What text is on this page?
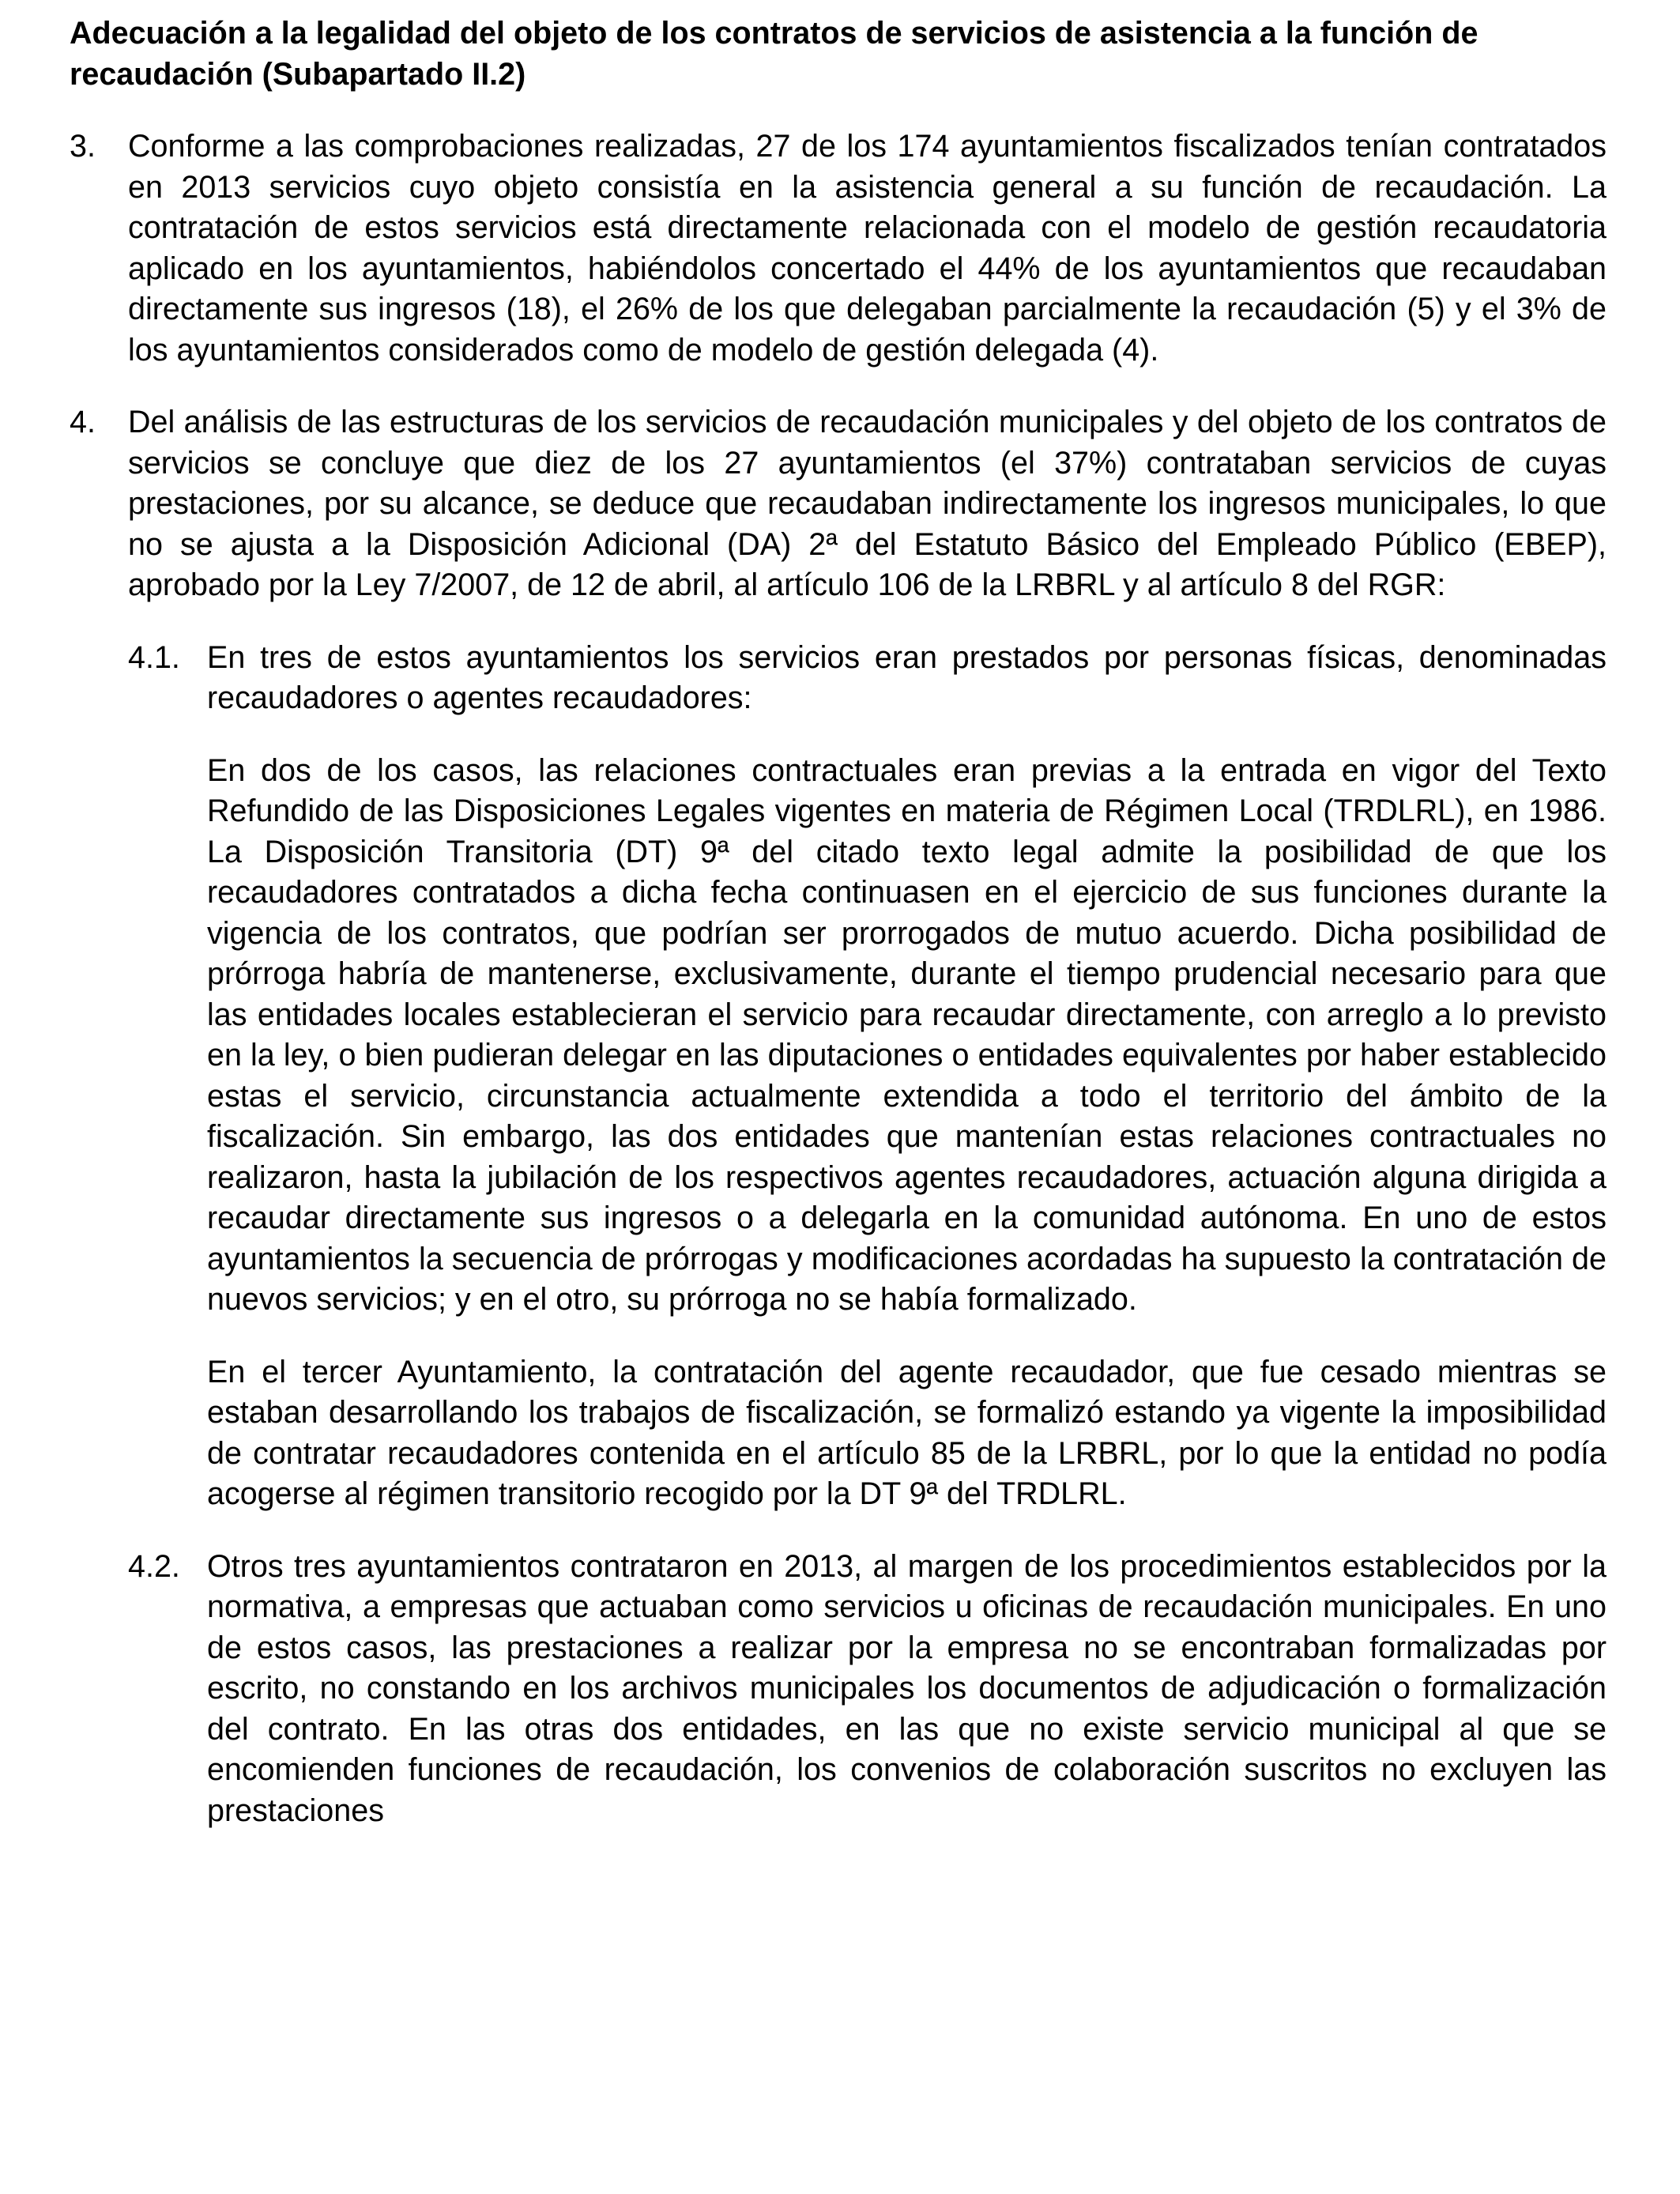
Adecuación a la legalidad del objeto de los contratos de servicios de asistencia a la función de recaudación (Subapartado II.2)
3. Conforme a las comprobaciones realizadas, 27 de los 174 ayuntamientos fiscalizados tenían contratados en 2013 servicios cuyo objeto consistía en la asistencia general a su función de recaudación. La contratación de estos servicios está directamente relacionada con el modelo de gestión recaudatoria aplicado en los ayuntamientos, habiéndolos concertado el 44% de los ayuntamientos que recaudaban directamente sus ingresos (18), el 26% de los que delegaban parcialmente la recaudación (5) y el 3% de los ayuntamientos considerados como de modelo de gestión delegada (4).

4. Del análisis de las estructuras de los servicios de recaudación municipales y del objeto de los contratos de servicios se concluye que diez de los 27 ayuntamientos (el 37%) contrataban servicios de cuyas prestaciones, por su alcance, se deduce que recaudaban indirectamente los ingresos municipales, lo que no se ajusta a la Disposición Adicional (DA) 2ª del Estatuto Básico del Empleado Público (EBEP), aprobado por la Ley 7/2007, de 12 de abril, al artículo 106 de la LRBRL y al artículo 8 del RGR:

4.1. En tres de estos ayuntamientos los servicios eran prestados por personas físicas, denominadas recaudadores o agentes recaudadores:

En dos de los casos, las relaciones contractuales eran previas a la entrada en vigor del Texto Refundido de las Disposiciones Legales vigentes en materia de Régimen Local (TRDLRL), en 1986. La Disposición Transitoria (DT) 9ª del citado texto legal admite la posibilidad de que los recaudadores contratados a dicha fecha continuasen en el ejercicio de sus funciones durante la vigencia de los contratos, que podrían ser prorrogados de mutuo acuerdo. Dicha posibilidad de prórroga habría de mantenerse, exclusivamente, durante el tiempo prudencial necesario para que las entidades locales establecieran el servicio para recaudar directamente, con arreglo a lo previsto en la ley, o bien pudieran delegar en las diputaciones o entidades equivalentes por haber establecido estas el servicio, circunstancia actualmente extendida a todo el territorio del ámbito de la fiscalización. Sin embargo, las dos entidades que mantenían estas relaciones contractuales no realizaron, hasta la jubilación de los respectivos agentes recaudadores, actuación alguna dirigida a recaudar directamente sus ingresos o a delegarla en la comunidad autónoma. En uno de estos ayuntamientos la secuencia de prórrogas y modificaciones acordadas ha supuesto la contratación de nuevos servicios; y en el otro, su prórroga no se había formalizado.

En el tercer Ayuntamiento, la contratación del agente recaudador, que fue cesado mientras se estaban desarrollando los trabajos de fiscalización, se formalizó estando ya vigente la imposibilidad de contratar recaudadores contenida en el artículo 85 de la LRBRL, por lo que la entidad no podía acogerse al régimen transitorio recogido por la DT 9ª del TRDLRL.

4.2. Otros tres ayuntamientos contrataron en 2013, al margen de los procedimientos establecidos por la normativa, a empresas que actuaban como servicios u oficinas de recaudación municipales. En uno de estos casos, las prestaciones a realizar por la empresa no se encontraban formalizadas por escrito, no constando en los archivos municipales los documentos de adjudicación o formalización del contrato. En las otras dos entidades, en las que no existe servicio municipal al que se encomienden funciones de recaudación, los convenios de colaboración suscritos no excluyen las prestaciones
